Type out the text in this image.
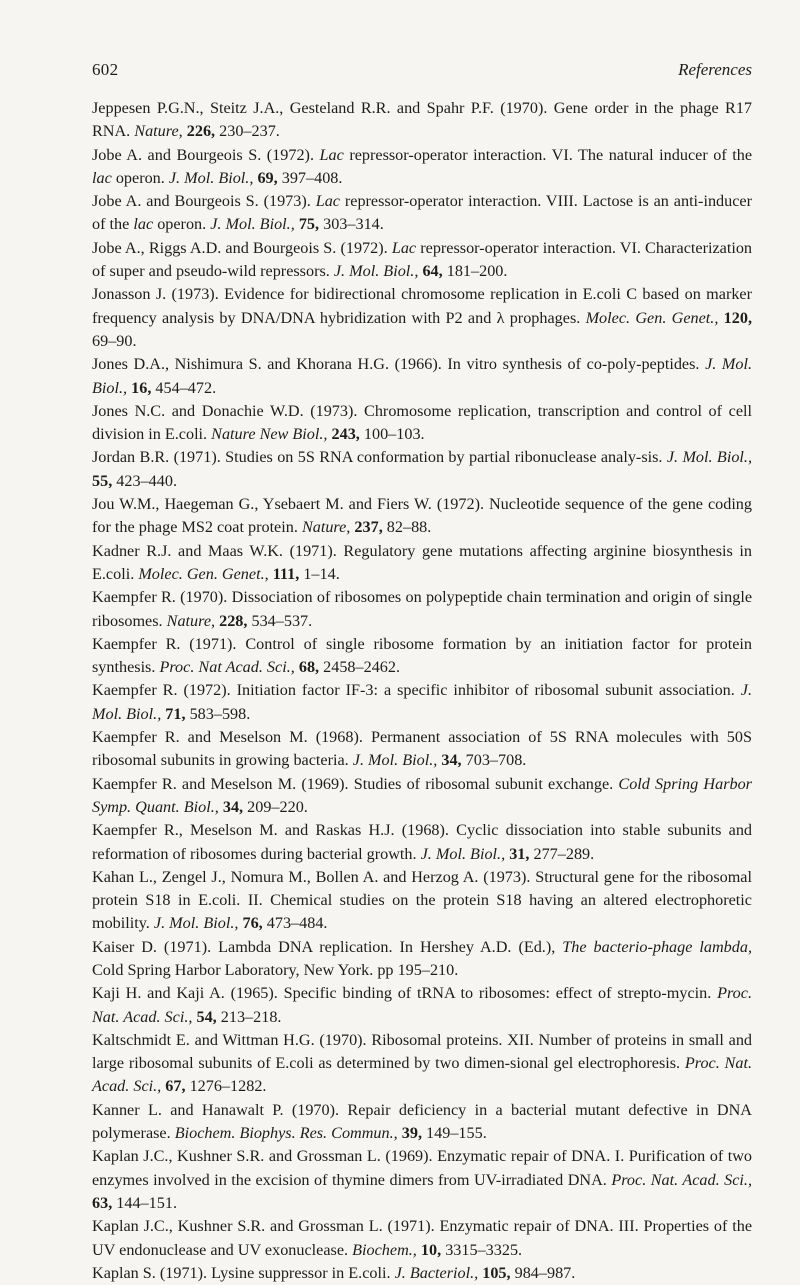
602	References

Jeppesen P.G.N., Steitz J.A., Gesteland R.R. and Spahr P.F. (1970). Gene order in the phage R17 RNA. Nature, 226, 230–237.

Jobe A. and Bourgeois S. (1972). Lac repressor-operator interaction. VI. The natural inducer of the lac operon. J. Mol. Biol., 69, 397–408.

Jobe A. and Bourgeois S. (1973). Lac repressor-operator interaction. VIII. Lactose is an anti-inducer of the lac operon. J. Mol. Biol., 75, 303–314.

Jobe A., Riggs A.D. and Bourgeois S. (1972). Lac repressor-operator interaction. VI. Characterization of super and pseudo-wild repressors. J. Mol. Biol., 64, 181–200.

Jonasson J. (1973). Evidence for bidirectional chromosome replication in E.coli C based on marker frequency analysis by DNA/DNA hybridization with P2 and λ prophages. Molec. Gen. Genet., 120, 69–90.

Jones D.A., Nishimura S. and Khorana H.G. (1966). In vitro synthesis of co-poly-peptides. J. Mol. Biol., 16, 454–472.

Jones N.C. and Donachie W.D. (1973). Chromosome replication, transcription and control of cell division in E.coli. Nature New Biol., 243, 100–103.

Jordan B.R. (1971). Studies on 5S RNA conformation by partial ribonuclease analy-sis. J. Mol. Biol., 55, 423–440.

Jou W.M., Haegeman G., Ysebaert M. and Fiers W. (1972). Nucleotide sequence of the gene coding for the phage MS2 coat protein. Nature, 237, 82–88.

Kadner R.J. and Maas W.K. (1971). Regulatory gene mutations affecting arginine biosynthesis in E.coli. Molec. Gen. Genet., 111, 1–14.

Kaempfer R. (1970). Dissociation of ribosomes on polypeptide chain termination and origin of single ribosomes. Nature, 228, 534–537.

Kaempfer R. (1971). Control of single ribosome formation by an initiation factor for protein synthesis. Proc. Nat Acad. Sci., 68, 2458–2462.

Kaempfer R. (1972). Initiation factor IF-3: a specific inhibitor of ribosomal subunit association. J. Mol. Biol., 71, 583–598.

Kaempfer R. and Meselson M. (1968). Permanent association of 5S RNA molecules with 50S ribosomal subunits in growing bacteria. J. Mol. Biol., 34, 703–708.

Kaempfer R. and Meselson M. (1969). Studies of ribosomal subunit exchange. Cold Spring Harbor Symp. Quant. Biol., 34, 209–220.

Kaempfer R., Meselson M. and Raskas H.J. (1968). Cyclic dissociation into stable subunits and reformation of ribosomes during bacterial growth. J. Mol. Biol., 31, 277–289.

Kahan L., Zengel J., Nomura M., Bollen A. and Herzog A. (1973). Structural gene for the ribosomal protein S18 in E.coli. II. Chemical studies on the protein S18 having an altered electrophoretic mobility. J. Mol. Biol., 76, 473–484.

Kaiser D. (1971). Lambda DNA replication. In Hershey A.D. (Ed.), The bacterio-phage lambda, Cold Spring Harbor Laboratory, New York. pp 195–210.

Kaji H. and Kaji A. (1965). Specific binding of tRNA to ribosomes: effect of strepto-mycin. Proc. Nat. Acad. Sci., 54, 213–218.

Kaltschmidt E. and Wittman H.G. (1970). Ribosomal proteins. XII. Number of proteins in small and large ribosomal subunits of E.coli as determined by two dimen-sional gel electrophoresis. Proc. Nat. Acad. Sci., 67, 1276–1282.

Kanner L. and Hanawalt P. (1970). Repair deficiency in a bacterial mutant defective in DNA polymerase. Biochem. Biophys. Res. Commun., 39, 149–155.

Kaplan J.C., Kushner S.R. and Grossman L. (1969). Enzymatic repair of DNA. I. Purification of two enzymes involved in the excision of thymine dimers from UV-irradiated DNA. Proc. Nat. Acad. Sci., 63, 144–151.

Kaplan J.C., Kushner S.R. and Grossman L. (1971). Enzymatic repair of DNA. III. Properties of the UV endonuclease and UV exonuclease. Biochem., 10, 3315–3325.

Kaplan S. (1971). Lysine suppressor in E.coli. J. Bacteriol., 105, 984–987.
